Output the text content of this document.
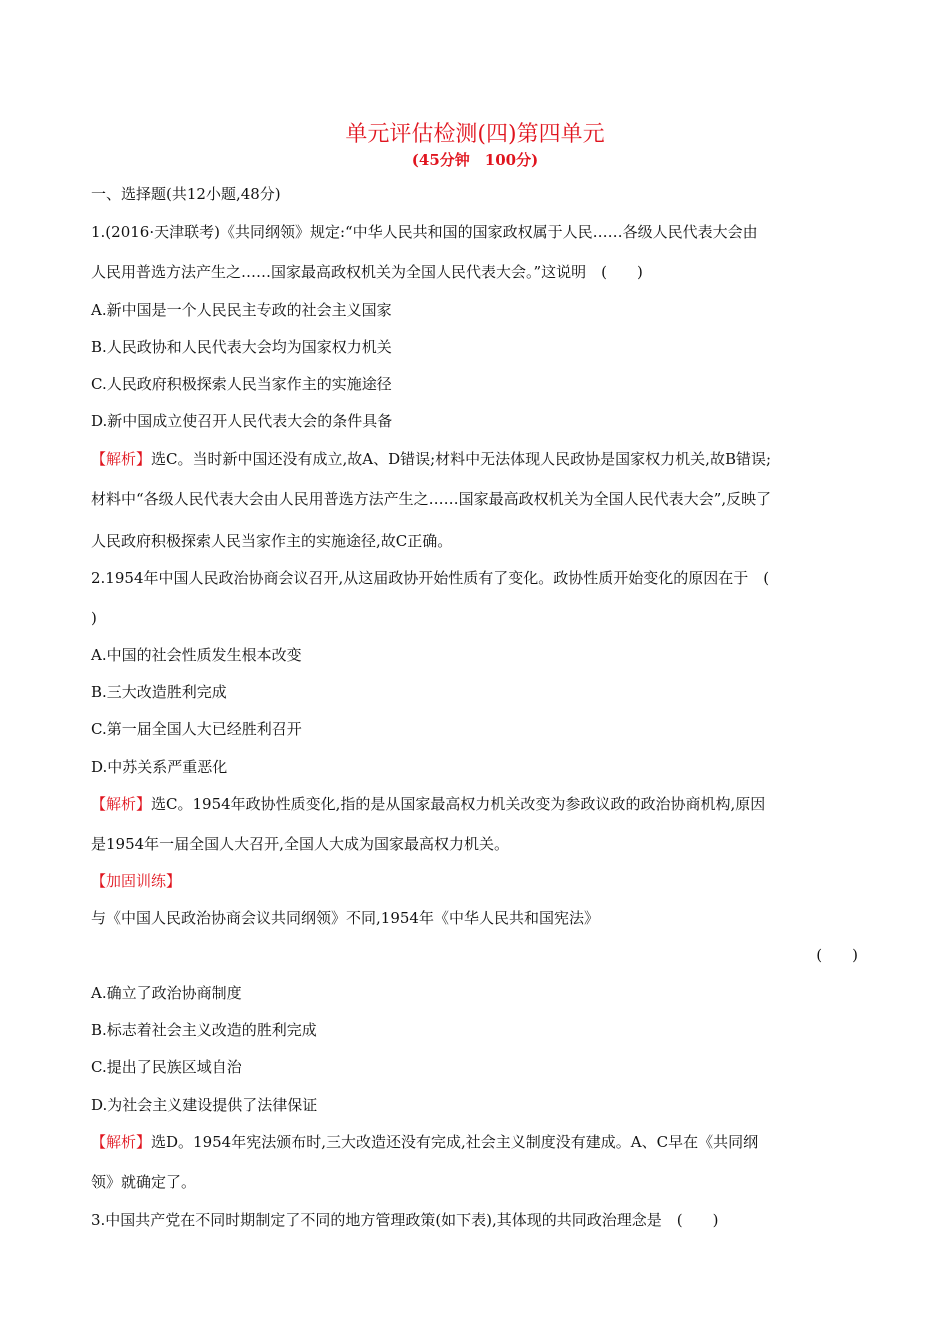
单元评估检测(四)第四单元
(45分钟　100分)
一、选择题(共12小题,48分)
1.(2016·天津联考)《共同纲领》规定:“中华人民共和国的国家政权属于人民……各级人民代表大会由
人民用普选方法产生之……国家最高政权机关为全国人民代表大会。”这说明　(　　)
A.新中国是一个人民民主专政的社会主义国家
B.人民政协和人民代表大会均为国家权力机关
C.人民政府积极探索人民当家作主的实施途径
D.新中国成立使召开人民代表大会的条件具备
【解析】选C。当时新中国还没有成立,故A、D错误;材料中无法体现人民政协是国家权力机关,故B错误;
材料中“各级人民代表大会由人民用普选方法产生之……国家最高政权机关为全国人民代表大会”,反映了
人民政府积极探索人民当家作主的实施途径,故C正确。
2.1954年中国人民政治协商会议召开,从这届政协开始性质有了变化。政协性质开始变化的原因在于　(
)
A.中国的社会性质发生根本改变
B.三大改造胜利完成
C.第一届全国人大已经胜利召开
D.中苏关系严重恶化
【解析】选C。1954年政协性质变化,指的是从国家最高权力机关改变为参政议政的政治协商机构,原因
是1954年一届全国人大召开,全国人大成为国家最高权力机关。
【加固训练】
与《中国人民政治协商会议共同纲领》不同,1954年《中华人民共和国宪法》
(　　)
A.确立了政治协商制度
B.标志着社会主义改造的胜利完成
C.提出了民族区域自治
D.为社会主义建设提供了法律保证
【解析】选D。1954年宪法颁布时,三大改造还没有完成,社会主义制度没有建成。A、C早在《共同纲
领》就确定了。
3.中国共产党在不同时期制定了不同的地方管理政策(如下表),其体现的共同政治理念是　(　　)
